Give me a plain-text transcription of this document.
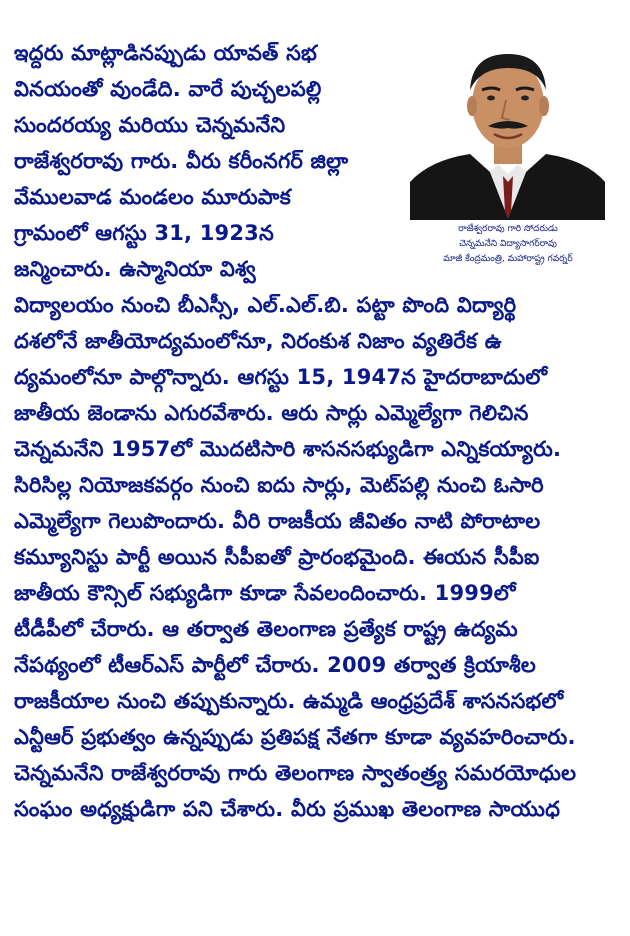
ఇద్దరు మాట్లాడినప్పుడు యావత్ సభ
వినయంతో వుండేది. వారే పుచ్చలపల్లి
సుందరయ్య మరియు చెన్నమనేని
రాజేశ్వరరావు గారు. వీరు కరీంనగర్ జిల్లా
వేములవాడ మండలం మూరుపాక
గ్రామంలో ఆగస్టు 31, 1923న
జన్మించారు. ఉస్మానియా విశ్వ
రాజేశ్వరరావు గారి సోదరుడు
చెన్నమనేని విద్యాసాగర్‌రావు
మాజీ కేంద్రమంత్రి, మహారాష్ట్ర గవర్నర్
విద్యాలయం నుంచి బీఎస్సీ, ఎల్.ఎల్.బి. పట్టా పొంది విద్యార్థి
దశలోనే జాతీయోద్యమంలోనూ, నిరంకుశ నిజాం వ్యతిరేక ఉ
ద్యమంలోనూ పాల్గొన్నారు. ఆగస్టు 15, 1947న హైదరాబాదులో
జాతీయ జెండాను ఎగురవేశారు. ఆరు సార్లు ఎమ్మెల్యేగా గెలిచిన
చెన్నమనేని 1957లో మొదటిసారి శాసనసభ్యుడిగా ఎన్నికయ్యారు.
సిరిసిల్ల నియోజకవర్గం నుంచి ఐదు సార్లు, మెట్‌పల్లి నుంచి ఓసారి
ఎమ్మెల్యేగా గెలుపొందారు. వీరి రాజకీయ జీవితం నాటి పోరాటాల
కమ్యూనిస్టు పార్టీ అయిన సీపీఐతో ప్రారంభమైంది. ఈయన సీపీఐ
జాతీయ కౌన్సిల్ సభ్యుడిగా కూడా సేవలందించారు. 1999లో
టీడీపీలో చేరారు. ఆ తర్వాత తెలంగాణ ప్రత్యేక రాష్ట్ర ఉద్యమ
నేపథ్యంలో టీఆర్ఎస్ పార్టీలో చేరారు. 2009 తర్వాత క్రియాశీల
రాజకీయాల నుంచి తప్పుకున్నారు. ఉమ్మడి ఆంధ్రప్రదేశ్ శాసనసభలో
ఎన్టీఆర్ ప్రభుత్వం ఉన్నప్పుడు ప్రతిపక్ష నేతగా కూడా వ్యవహరించారు.
చెన్నమనేని రాజేశ్వరరావు గారు తెలంగాణ స్వాతంత్ర్య సమరయోధుల
సంఘం అధ్యక్షుడిగా పని చేశారు. వీరు ప్రముఖ తెలంగాణ సాయుధ
